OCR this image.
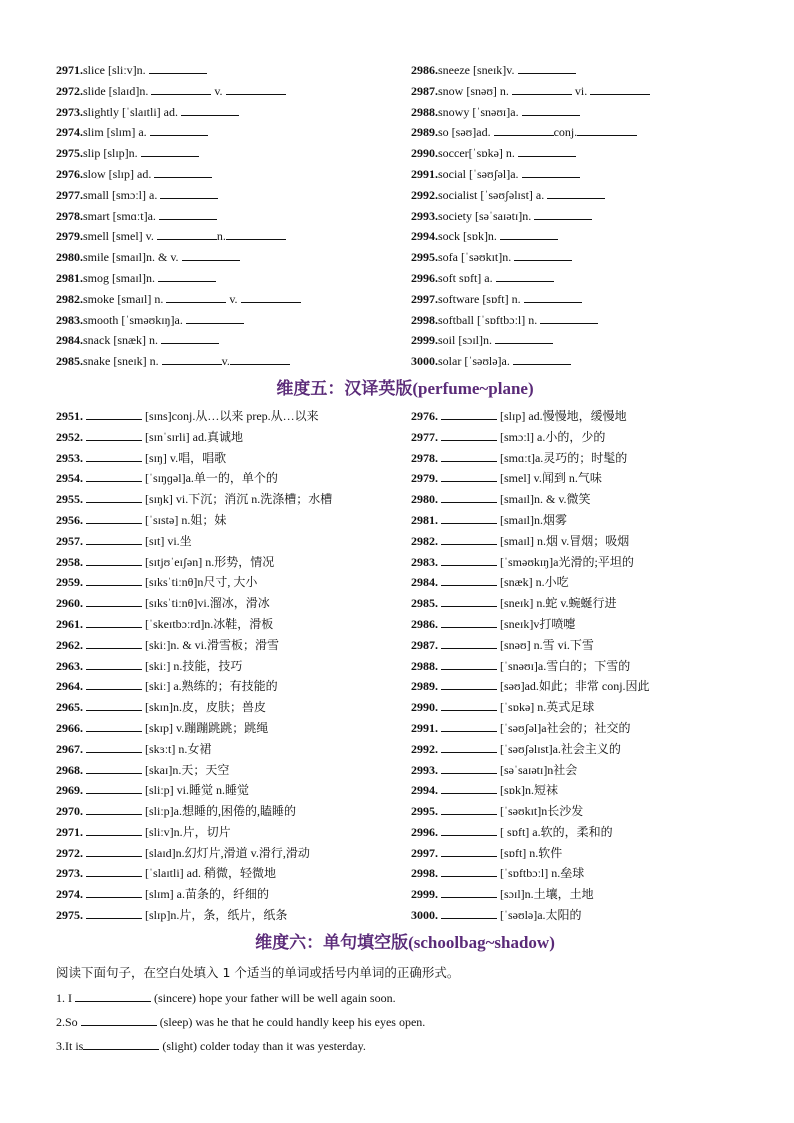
2971.slice [sliːv]n.
2972.slide [slaɪd]n.	v.
2973.slightly [ˈslaɪtli] ad.
2974.slim [slɪm] a.
2975.slip [slɪp]n.
2976.slow [slɪp] ad.
2977.small [smɔːl] a.
2978.smart [smɑːt]a.
2979.smell [smel] v.	n.
2980.smile [smaɪl]n. & v.
2981.smog [smaɪl]n.
2982.smoke [smaɪl] n.	v.
2983.smooth [ˈsməʊkɪŋ]a.
2984.snack [snæk] n.
2985.snake [sneɪk] n.	v.
2986.sneeze [sneɪk]v.
2987.snow [snəʊ] n.	vi.
2988.snowy [ˈsnəʊɪ]a.
2989.so [səʊ]ad.	conj.
2990.soccer[ˈsɒkə] n.
2991.social [ˈsəʊʃəl]a.
2992.socialist [ˈsəʊʃəlɪst] a.
2993.society [səˈsaɪətɪ]n.
2994.sock [sɒk]n.
2995.sofa [ˈsəʊkɪt]n.
2996.soft sɒft] a.
2997.software [sɒft] n.
2998.softball [ˈsɒftbɔːl] n.
2999.soil [sɔɪl]n.
3000.solar [ˈsəʊlə]a.
维度五：汉译英版(perfume~plane)
2951.	[sɪns]conj.从…以来 prep.从…以来
2952.	[sɪnˈsɪrli] ad.真诚地
2953.	[sɪŋ] v.唱，唱歌
2954.	[ˈsɪŋɡəl]a.单一的，单个的
2955.	[sɪŋk] vi.下沉；消沉 n.洗涤槽；水槽
2956.	[ˈsɪstə] n.姐；妹
2957.	[sɪt] vi.坐
2958.	[sɪtjʊˈeɪʃən] n.形势，情况
2959.	[sɪksˈtiːnθ]n尺寸, 大小
2960.	[sɪksˈtiːnθ]vi.溜冰，滑冰
2961.	[ˈskeɪtbɔːrd]n.冰鞋，滑板
2962.	[skiː]n. & vi.滑雪板；滑雪
2963.	[skiː] n.技能，技巧
2964.	[skiː] a.熟练的；有技能的
2965.	[skɪn]n.皮，皮肤；兽皮
2966.	[skɪp] v.蹦蹦跳跳；跳绳
2967.	[skɜːt] n.女裙
2968.	[skaɪ]n.天；天空
2969.	[sliːp] vi.睡觉 n.睡觉
2970.	[sliːp]a.想睡的,困倦的,瞌睡的
2971.	[sliːv]n.片，切片
2972.	[slaɪd]n.幻灯片,滑道 v.滑行,滑动
2973.	[ˈslaɪtli] ad. 稍微，轻微地
2974.	[slɪm] a.苗条的，纤细的
2975.	[slɪp]n.片，条，纸片，纸条
2976.	[slɪp] ad.慢慢地，缓慢地
2977.	[smɔːl] a.小的，少的
2978.	[smɑːt]a.灵巧的；时髦的
2979.	[smel] v.闻到 n.气味
2980.	[smaɪl]n. & v.微笑
2981.	[smaɪl]n.烟雾
2982.	[smaɪl] n.烟 v.冒烟；吸烟
2983.	[ˈsməʊkɪŋ]a光滑的;平坦的
2984.	[snæk] n.小吃
2985.	[sneɪk] n.蛇 v.蜿蜒行进
2986.	[sneɪk]v打喷嚏
2987.	[snəʊ] n.雪 vi.下雪
2988.	[ˈsnəʊɪ]a.雪白的；下雪的
2989.	[səʊ]ad.如此；非常 conj.因此
2990.	[ˈsɒkə] n.英式足球
2991.	[ˈsəʊʃəl]a社会的；社交的
2992.	[ˈsəʊʃəlɪst]a.社会主义的
2993.	[səˈsaɪətɪ]n社会
2994.	[sɒk]n.短袜
2995.	[ˈsəʊkɪt]n长沙发
2996.	[ sɒft] a.软的，柔和的
2997.	[sɒft] n.软件
2998.	[ˈsɒftbɔːl] n.垒球
2999.	[sɔɪl]n.土壤，土地
3000.	[ˈsəʊlə]a.太阳的
维度六：单句填空版(schoolbag~shadow)
阅读下面句子，在空白处填入 1 个适当的单词或括号内单词的正确形式。
1. I	(sincere) hope your father will be well again soon.
2.So	(sleep) was he that he could handly keep his eyes open.
3.It is	(slight) colder today than it was yesterday.
